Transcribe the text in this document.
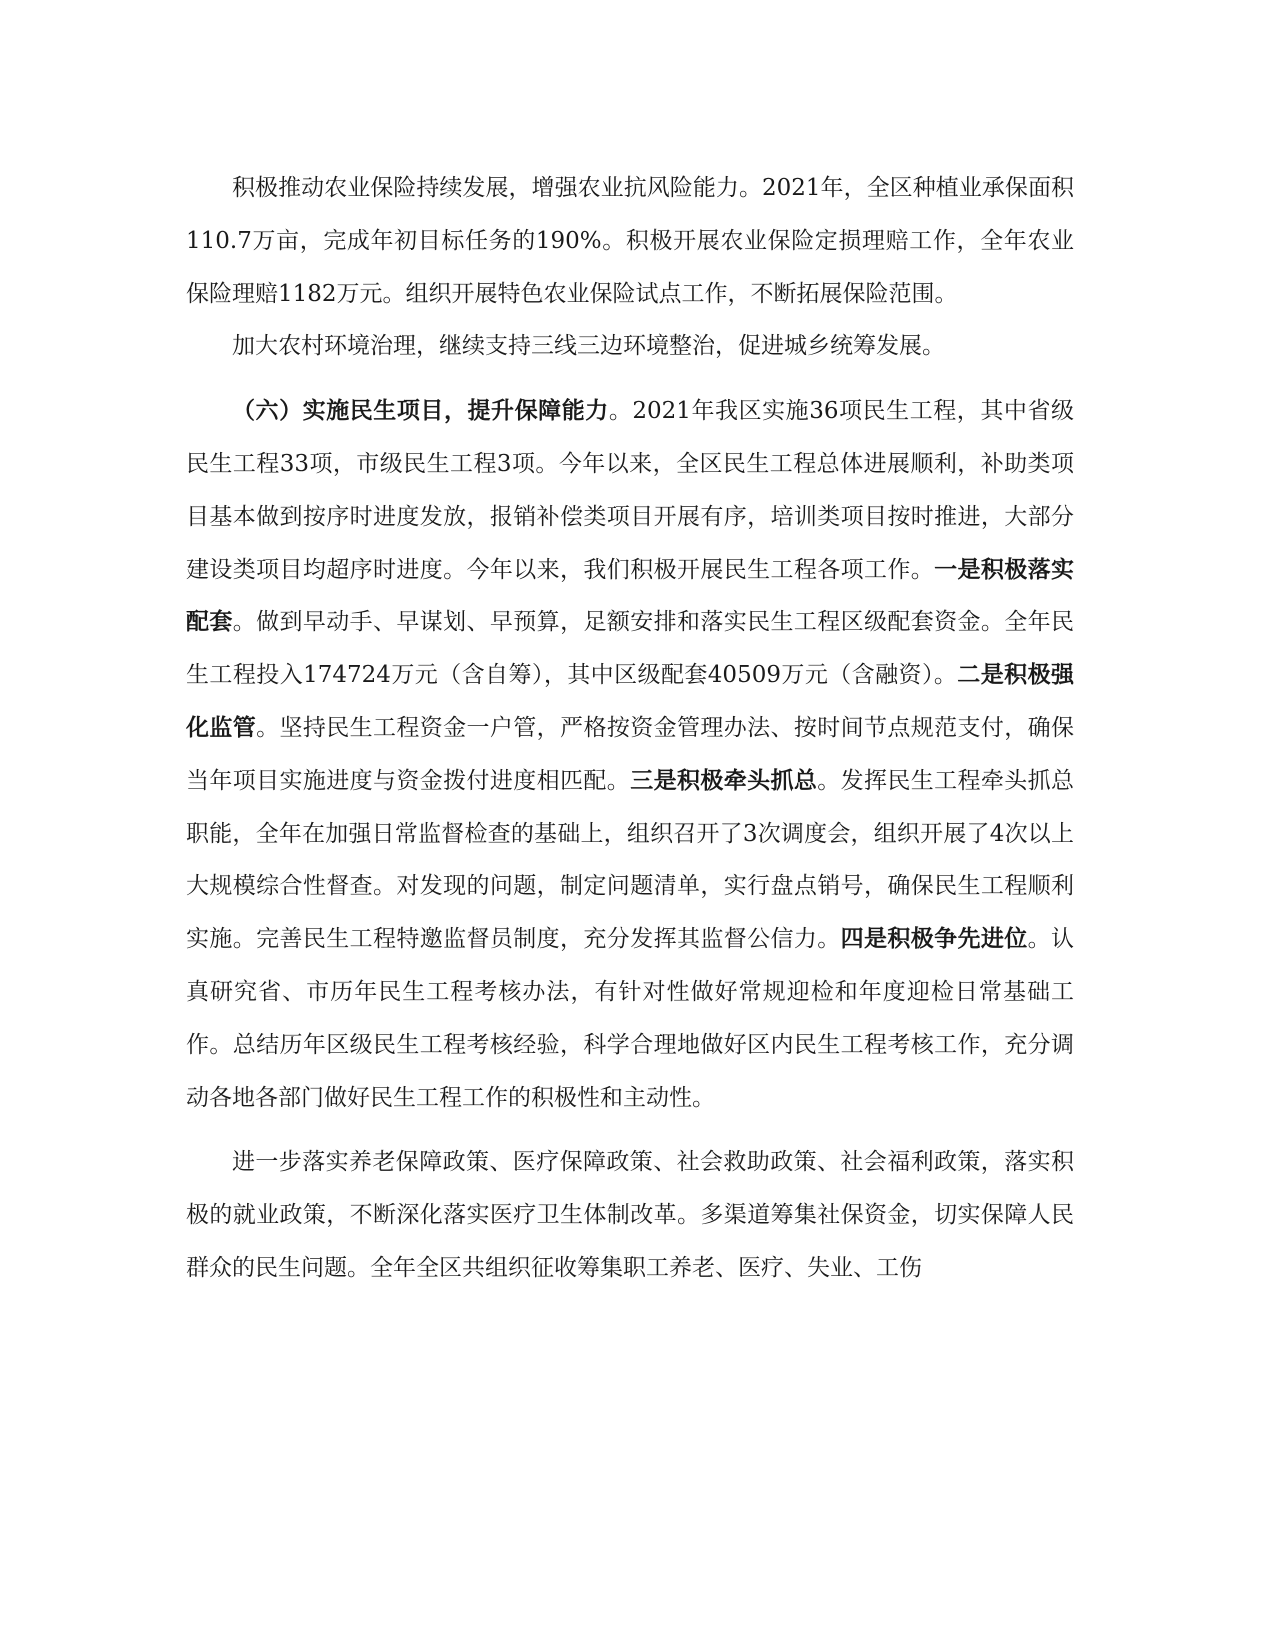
积极推动农业保险持续发展，增强农业抗风险能力。2021年，全区种植业承保面积110.7万亩，完成年初目标任务的190%。积极开展农业保险定损理赔工作，全年农业保险理赔1182万元。组织开展特色农业保险试点工作，不断拓展保险范围。

加大农村环境治理，继续支持三线三边环境整治，促进城乡统筹发展。

（六）实施民生项目，提升保障能力。2021年我区实施36项民生工程，其中省级民生工程33项，市级民生工程3项。今年以来，全区民生工程总体进展顺利，补助类项目基本做到按序时进度发放，报销补偿类项目开展有序，培训类项目按时推进，大部分建设类项目均超序时进度。今年以来，我们积极开展民生工程各项工作。一是积极落实配套。做到早动手、早谋划、早预算，足额安排和落实民生工程区级配套资金。全年民生工程投入174724万元（含自筹），其中区级配套40509万元（含融资）。二是积极强化监管。坚持民生工程资金一户管，严格按资金管理办法、按时间节点规范支付，确保当年项目实施进度与资金拨付进度相匹配。三是积极牵头抓总。发挥民生工程牵头抓总职能，全年在加强日常监督检查的基础上，组织召开了3次调度会，组织开展了4次以上大规模综合性督查。对发现的问题，制定问题清单，实行盘点销号，确保民生工程顺利实施。完善民生工程特邀监督员制度，充分发挥其监督公信力。四是积极争先进位。认真研究省、市历年民生工程考核办法，有针对性做好常规迎检和年度迎检日常基础工作。总结历年区级民生工程考核经验，科学合理地做好区内民生工程考核工作，充分调动各地各部门做好民生工程工作的积极性和主动性。

进一步落实养老保障政策、医疗保障政策、社会救助政策、社会福利政策，落实积极的就业政策，不断深化落实医疗卫生体制改革。多渠道筹集社保资金，切实保障人民群众的民生问题。全年全区共组织征收筹集职工养老、医疗、失业、工伤
